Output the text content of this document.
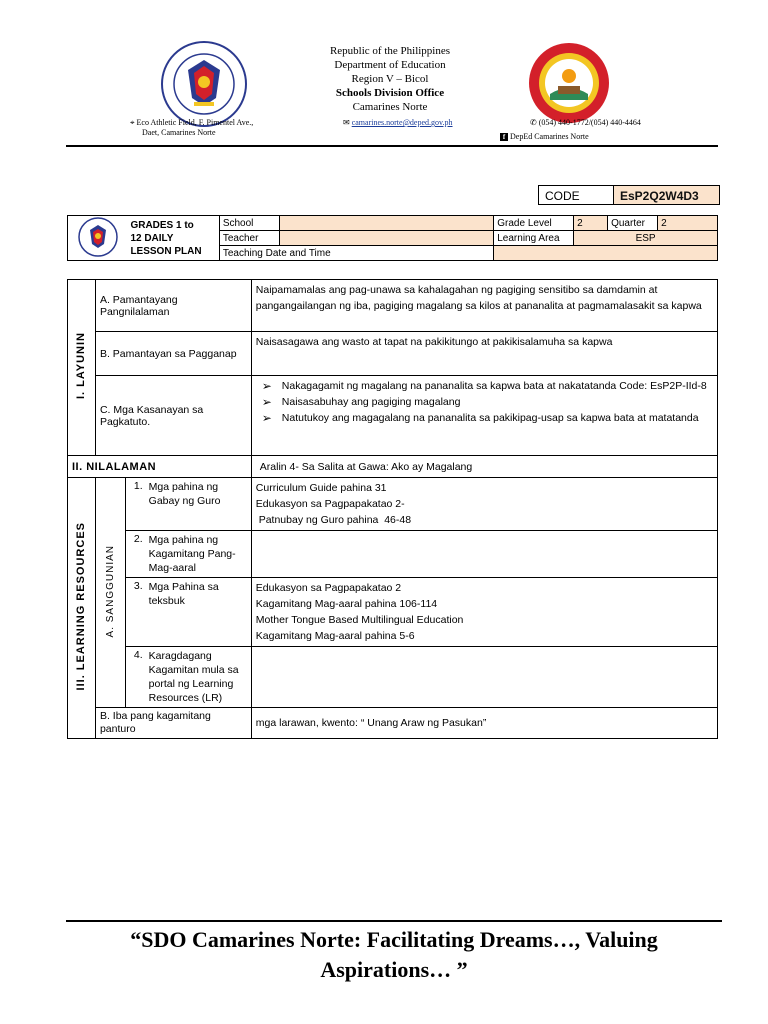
Republic of the Philippines
Department of Education
Region V – Bicol
Schools Division Office
Camarines Norte
⌖ Eco Athletic Field, F. Pimentel Ave.,
Daet, Camarines Norte
✉ camarines.norte@deped.gov.ph	✆ (054) 440-1772/(054) 440-4464
f DepEd Camarines Norte
CODE	EsP2Q2W4D3

GRADES 1 to
12 DAILY
LESSON PLAN	School		Grade Level	2	Quarter	2
		Teacher		Learning Area	ESP		
		Teaching Date and Time					
I. LAYUNIN	A. Pamantayang Pangnilalaman	Naipamamalas ang pag-unawa sa kahalagahan ng pagiging sensitibo sa damdamin at pangangailangan ng iba, pagiging magalang sa kilos at pananalita at pagmamalasakit sa kapwa
B. Pamantayan sa Pagganap	Naisasagawa ang wasto at tapat na pakikitungo at pakikisalamuha sa kapwa
C. Mga Kasanayan sa Pagkatuto.	
➢ Nakagagamit ng magalang na pananalita sa kapwa bata at nakatatanda Code: EsP2P-IId-8
➢ Naisasabuhay ang pagiging magalang
➢ Natutukoy ang magagalang na pananalita sa pakikipag-usap sa kapwa bata at matatanda

II. NILALAMAN	Aralin 4- Sa Salita at Gawa: Ako ay Magalang
III. LEARNING RESOURCES	A. SANGGUNIAN	
1.	Mga pahina ng Gabay ng Guro

Curriculum Guide pahina 31
Edukasyon sa Pagpapakatao 2-
Patnubay ng Guro pahina  46-48

2.	Mga pahina ng Kagamitang Pang-Mag-aaral

3.	Mga Pahina sa teksbuk

Edukasyon sa Pagpapakatao 2
Kagamitang Mag-aaral pahina 106-114
Mother Tongue Based Multilingual Education
Kagamitang Mag-aaral pahina 5-6

4.	Karagdagang Kagamitan mula sa portal ng Learning Resources (LR)

B. Iba pang kagamitang panturo	mga larawan, kwento: “ Unang Araw ng Pasukan”
“SDO Camarines Norte: Facilitating Dreams…, Valuing Aspirations… ”
